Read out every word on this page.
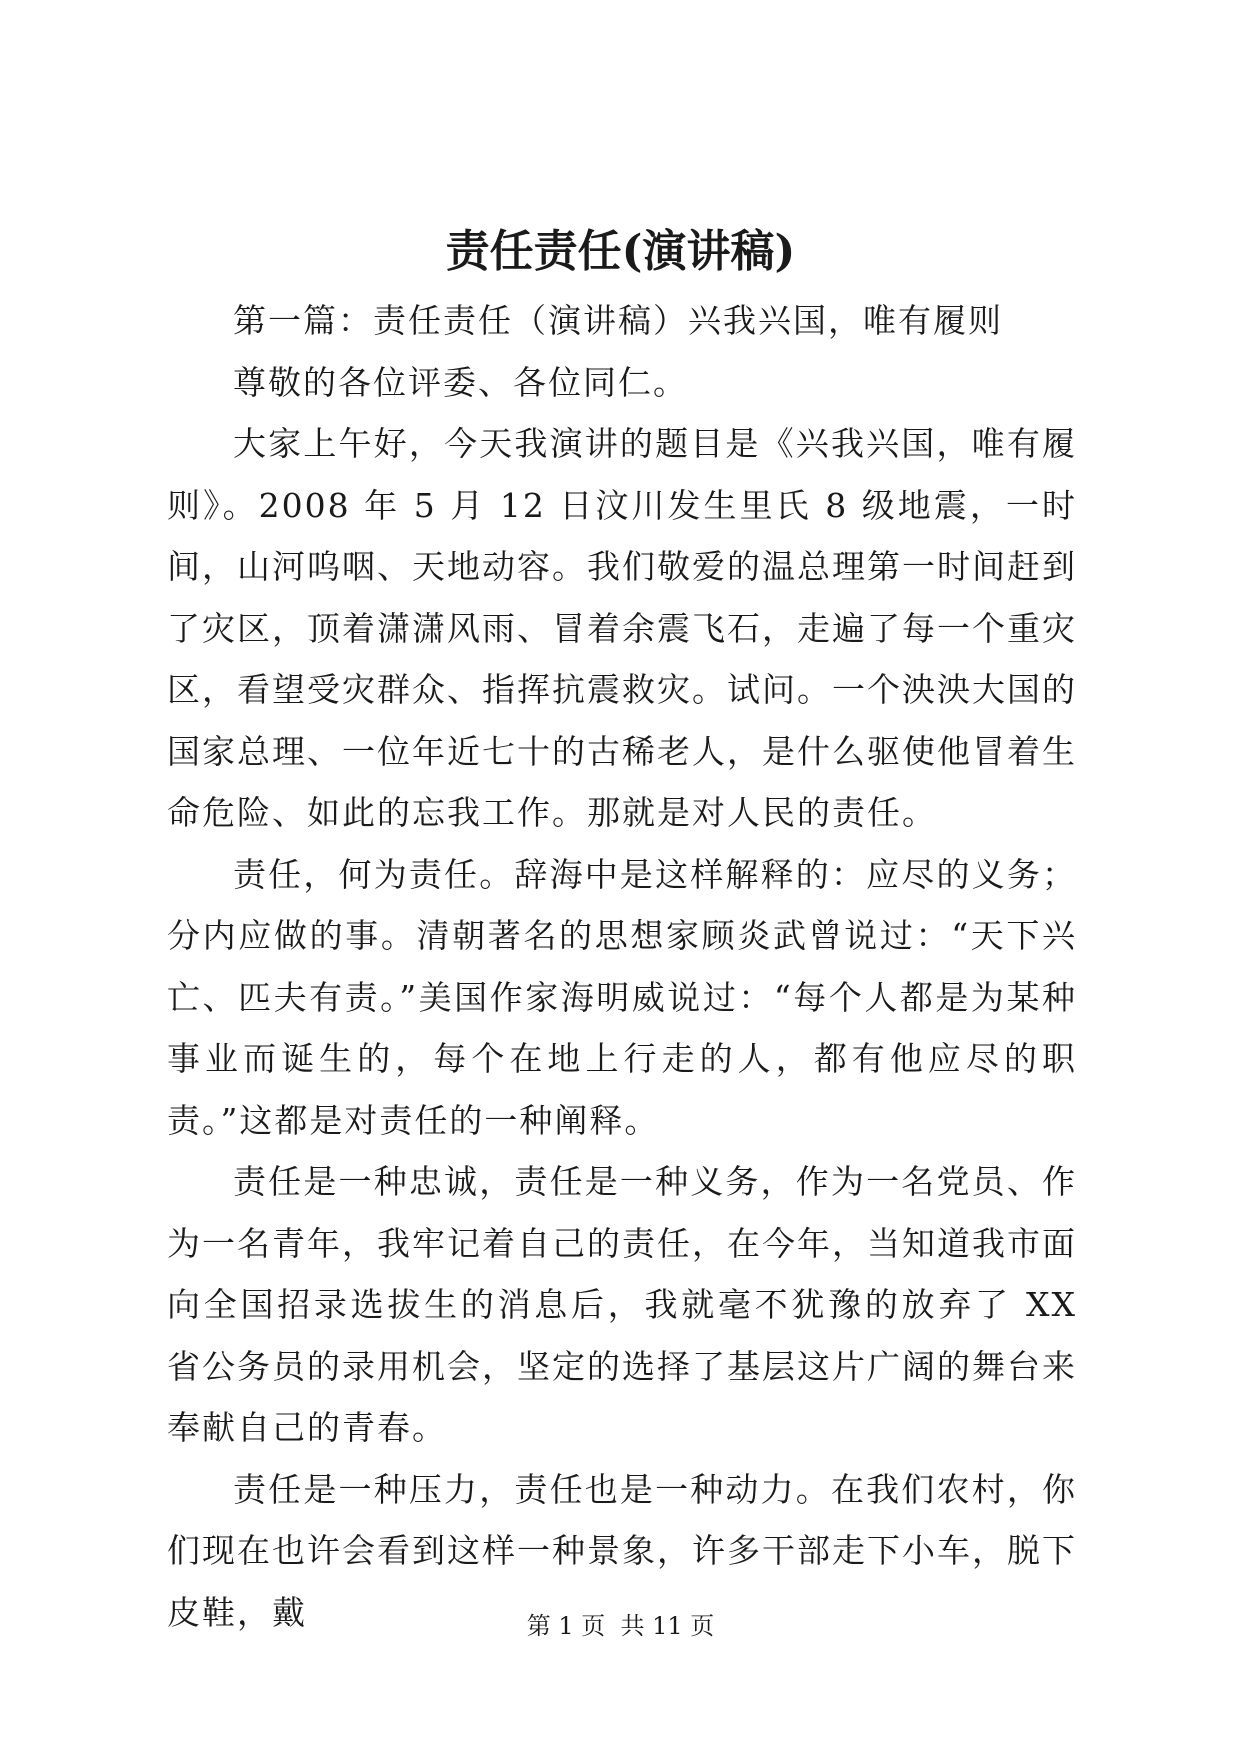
责任责任(演讲稿)

第一篇：责任责任（演讲稿）兴我兴国，唯有履则

尊敬的各位评委、各位同仁。

大家上午好，今天我演讲的题目是《兴我兴国，唯有履则》。2008 年 5 月 12 日汶川发生里氏 8 级地震，一时间，山河呜咽、天地动容。我们敬爱的温总理第一时间赶到了灾区，顶着潇潇风雨、冒着余震飞石，走遍了每一个重灾区，看望受灾群众、指挥抗震救灾。试问。一个泱泱大国的国家总理、一位年近七十的古稀老人，是什么驱使他冒着生命危险、如此的忘我工作。那就是对人民的责任。

责任，何为责任。辞海中是这样解释的：应尽的义务；分内应做的事。清朝著名的思想家顾炎武曾说过：“天下兴亡、匹夫有责。”美国作家海明威说过：“每个人都是为某种事业而诞生的，每个在地上行走的人，都有他应尽的职责。”这都是对责任的一种阐释。

责任是一种忠诚，责任是一种义务，作为一名党员、作为一名青年，我牢记着自己的责任，在今年，当知道我市面向全国招录选拔生的消息后，我就毫不犹豫的放弃了 XX 省公务员的录用机会，坚定的选择了基层这片广阔的舞台来奉献自己的青春。

责任是一种压力，责任也是一种动力。在我们农村，你们现在也许会看到这样一种景象，许多干部走下小车，脱下皮鞋，戴	第 1 页  共 11 页
